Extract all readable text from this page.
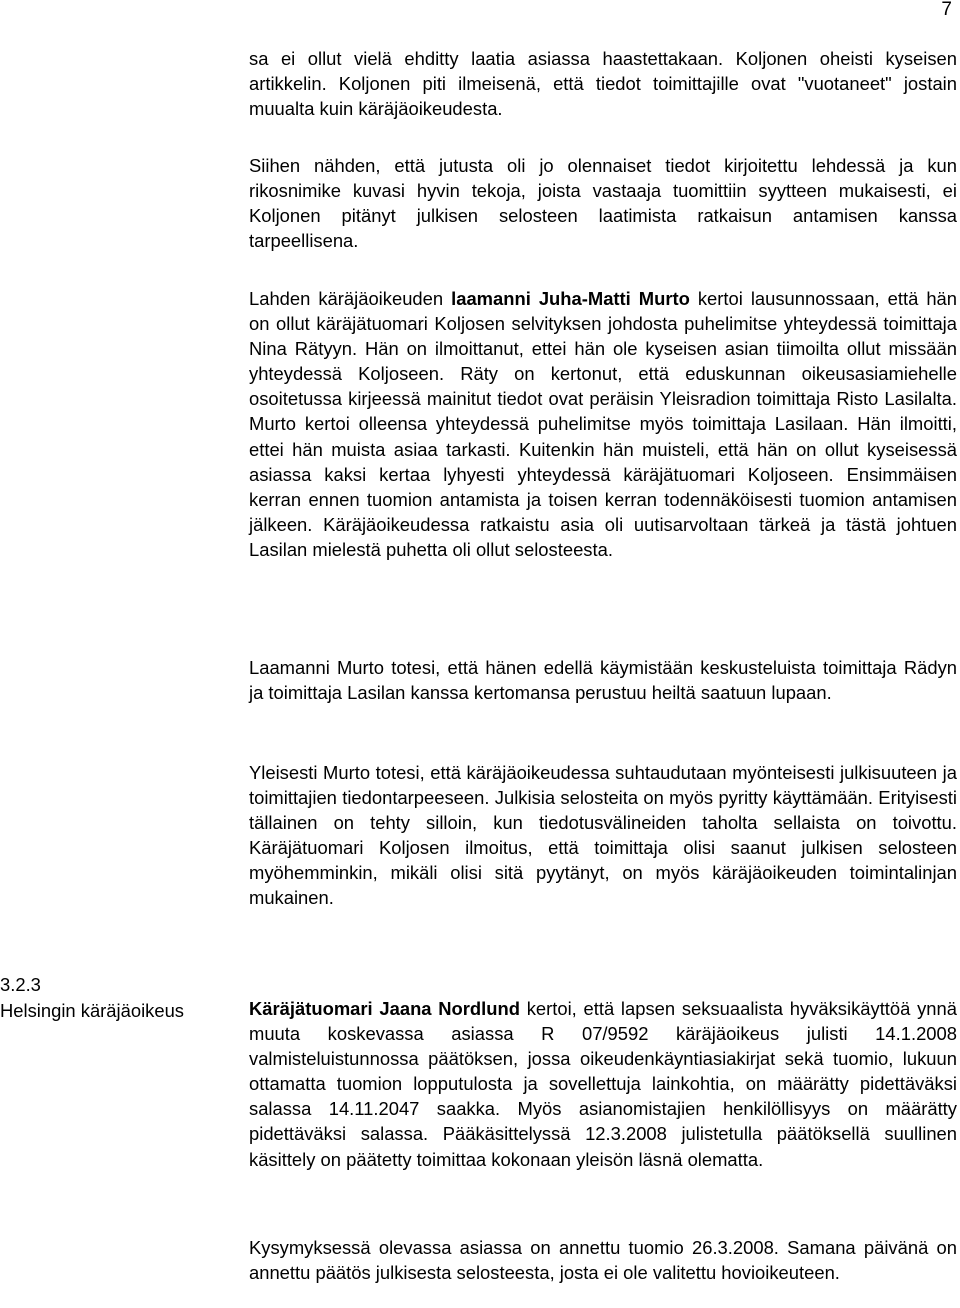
7
3.2.3
Helsingin käräjäoikeus

sa ei ollut vielä ehditty laatia asiassa haastettakaan. Koljonen oheisti kyseisen artikkelin. Koljonen piti ilmeisenä, että tiedot toimittajille ovat "vuotaneet" jostain muualta kuin käräjäoikeudesta.

Siihen nähden, että jutusta oli jo olennaiset tiedot kirjoitettu lehdessä ja kun rikosnimike kuvasi hyvin tekoja, joista vastaaja tuomittiin syytteen mukaisesti, ei Koljonen pitänyt julkisen selosteen laatimista ratkaisun antamisen kanssa tarpeellisena.

Lahden käräjäoikeuden laamanni Juha-Matti Murto kertoi lausunnossaan, että hän on ollut käräjätuomari Koljosen selvityksen johdosta puhelimitse yhteydessä toimittaja Nina Rätyyn. Hän on ilmoittanut, ettei hän ole kyseisen asian tiimoilta ollut missään yhteydessä Koljoseen. Räty on kertonut, että eduskunnan oikeusasiamiehelle osoitetussa kirjeessä mainitut tiedot ovat peräisin Yleisradion toimittaja Risto Lasilalta. Murto kertoi olleensa yhteydessä puhelimitse myös toimittaja Lasilaan. Hän ilmoitti, ettei hän muista asiaa tarkasti. Kuitenkin hän muisteli, että hän on ollut kyseisessä asiassa kaksi kertaa lyhyesti yhteydessä käräjätuomari Koljoseen. Ensimmäisen kerran ennen tuomion antamista ja toisen kerran todennäköisesti tuomion antamisen jälkeen. Käräjäoikeudessa ratkaistu asia oli uutisarvoltaan tärkeä ja tästä johtuen Lasilan mielestä puhetta oli ollut selosteesta.

Laamanni Murto totesi, että hänen edellä käymistään keskusteluista toimittaja Rädyn ja toimittaja Lasilan kanssa kertomansa perustuu heiltä saatuun lupaan.

Yleisesti Murto totesi, että käräjäoikeudessa suhtaudutaan myönteisesti julkisuuteen ja toimittajien tiedontarpeeseen. Julkisia selosteita on myös pyritty käyttämään. Erityisesti tällainen on tehty silloin, kun tiedotusvälineiden taholta sellaista on toivottu. Käräjätuomari Koljosen ilmoitus, että toimittaja olisi saanut julkisen selosteen myöhemminkin, mikäli olisi sitä pyytänyt, on myös käräjäoikeuden toimintalinjan mukainen.

Käräjätuomari Jaana Nordlund kertoi, että lapsen seksuaalista hyväksikäyttöä ynnä muuta koskevassa asiassa R 07/9592 käräjäoikeus julisti 14.1.2008 valmisteluistunnossa päätöksen, jossa oikeudenkäyntiasiakirjat sekä tuomio, lukuun ottamatta tuomion lopputulosta ja sovellettuja lainkohtia, on määrätty pidettäväksi salassa 14.11.2047 saakka. Myös asianomistajien henkilöllisyys on määrätty pidettäväksi salassa. Pääkäsittelyssä 12.3.2008 julistetulla päätöksellä suullinen käsittely on päätetty toimittaa kokonaan yleisön läsnä olematta.

Kysymyksessä olevassa asiassa on annettu tuomio 26.3.2008. Samana päivänä on annettu päätös julkisesta selosteesta, josta ei ole valitettu hovioikeuteen.
